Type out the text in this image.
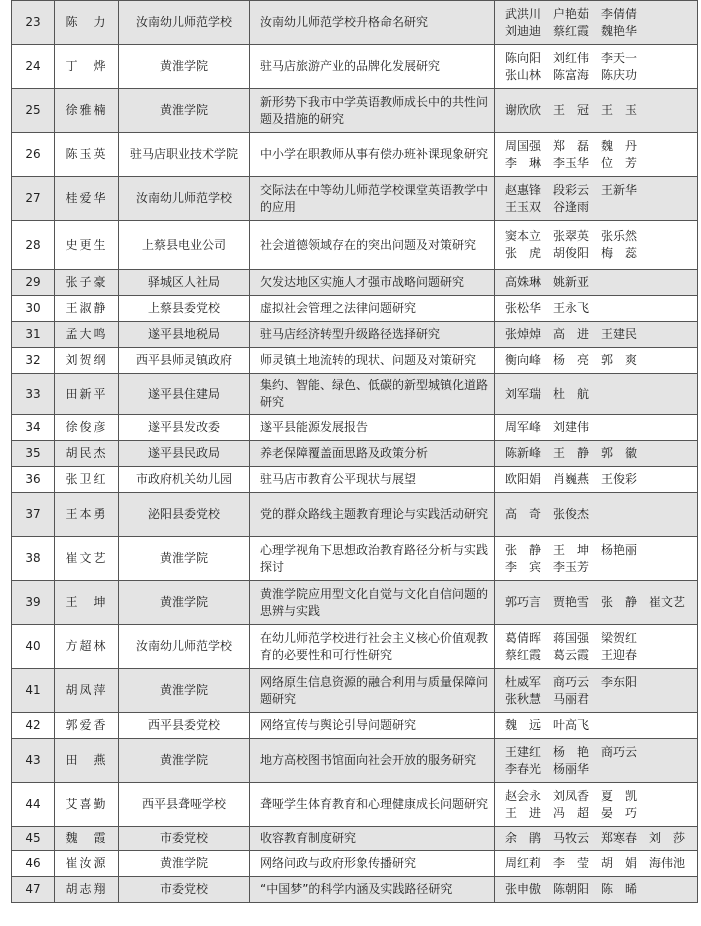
23	陈　力	汝南幼儿师范学校	汝南幼儿师范学校升格命名研究	武洪川　户艳茹　李倩倩
刘迪迪　蔡红霞　魏艳华

24	丁　烨	黄淮学院	驻马店旅游产业的品牌化发展研究	陈向阳　刘红伟　李天一
张山林　陈富海　陈庆功

25	徐雅楠	黄淮学院	新形势下我市中学英语教师成长中的共性问题及措施的研究	谢欣欣　王　冠　王　玉

26	陈玉英	驻马店职业技术学院	中小学在职教师从事有偿办班补课现象研究	周国强　郑　磊　魏　丹
李　琳　李玉华　位　芳

27	桂爱华	汝南幼儿师范学校	交际法在中等幼儿师范学校课堂英语教学中的应用	赵惠锋　段彩云　王新华
王玉双　谷逢雨

28	史更生	上蔡县电业公司	社会道德领域存在的突出问题及对策研究	窦本立　张翠英　张乐然
张　虎　胡俊阳　梅　蕊

29	张子豪	驿城区人社局	欠发达地区实施人才强市战略问题研究	高姝琳　姚新亚

30	王淑静	上蔡县委党校	虚拟社会管理之法律问题研究	张松华　王永飞

31	孟大鸣	遂平县地税局	驻马店经济转型升级路径选择研究	张焯焯　高　进　王建民

32	刘贺纲	西平县师灵镇政府	师灵镇土地流转的现状、问题及对策研究	衡向峰　杨　亮　郭　爽

33	田新平	遂平县住建局	集约、智能、绿色、低碳的新型城镇化道路研究	刘军瑞　杜　航

34	徐俊彦	遂平县发改委	遂平县能源发展报告	周军峰　刘建伟

35	胡民杰	遂平县民政局	养老保障覆盖面思路及政策分析	陈新峰　王　静　郭　徽

36	张卫红	市政府机关幼儿园	驻马店市教育公平现状与展望	欧阳娟　肖巍燕　王俊彩

37	王本勇	泌阳县委党校	党的群众路线主题教育理论与实践活动研究	高　奇　张俊杰

38	崔文艺	黄淮学院	心理学视角下思想政治教育路径分析与实践探讨	张　静　王　坤　杨艳丽
李　宾　李玉芳

39	王　坤	黄淮学院	黄淮学院应用型文化自觉与文化自信问题的思辨与实践	郭巧言　贾艳雪　张　静　崔文艺

40	方超林	汝南幼儿师范学校	在幼儿师范学校进行社会主义核心价值观教育的必要性和可行性研究	葛倩晖　蒋国强　梁贺红
蔡红霞　葛云霞　王迎春

41	胡凤萍	黄淮学院	网络原生信息资源的融合利用与质量保障问题研究	杜威军　商巧云　李东阳
张秋慧　马丽君

42	郭爱香	西平县委党校	网络宣传与舆论引导问题研究	魏　远　叶高飞

43	田　燕	黄淮学院	地方高校图书馆面向社会开放的服务研究	王建红　杨　艳　商巧云
李春光　杨丽华

44	艾喜勤	西平县聋哑学校	聋哑学生体育教育和心理健康成长问题研究	赵会永　刘凤香　夏　凯
王　进　冯　超　晏　巧

45	魏　霞	市委党校	收容教育制度研究	余　鹃　马牧云　郑寒春　刘　莎

46	崔汝源	黄淮学院	网络问政与政府形象传播研究	周红莉　李　莹　胡　娟　海伟池

47	胡志翔	市委党校	“中国梦”的科学内涵及实践路径研究	张申傲　陈朝阳　陈　晞
